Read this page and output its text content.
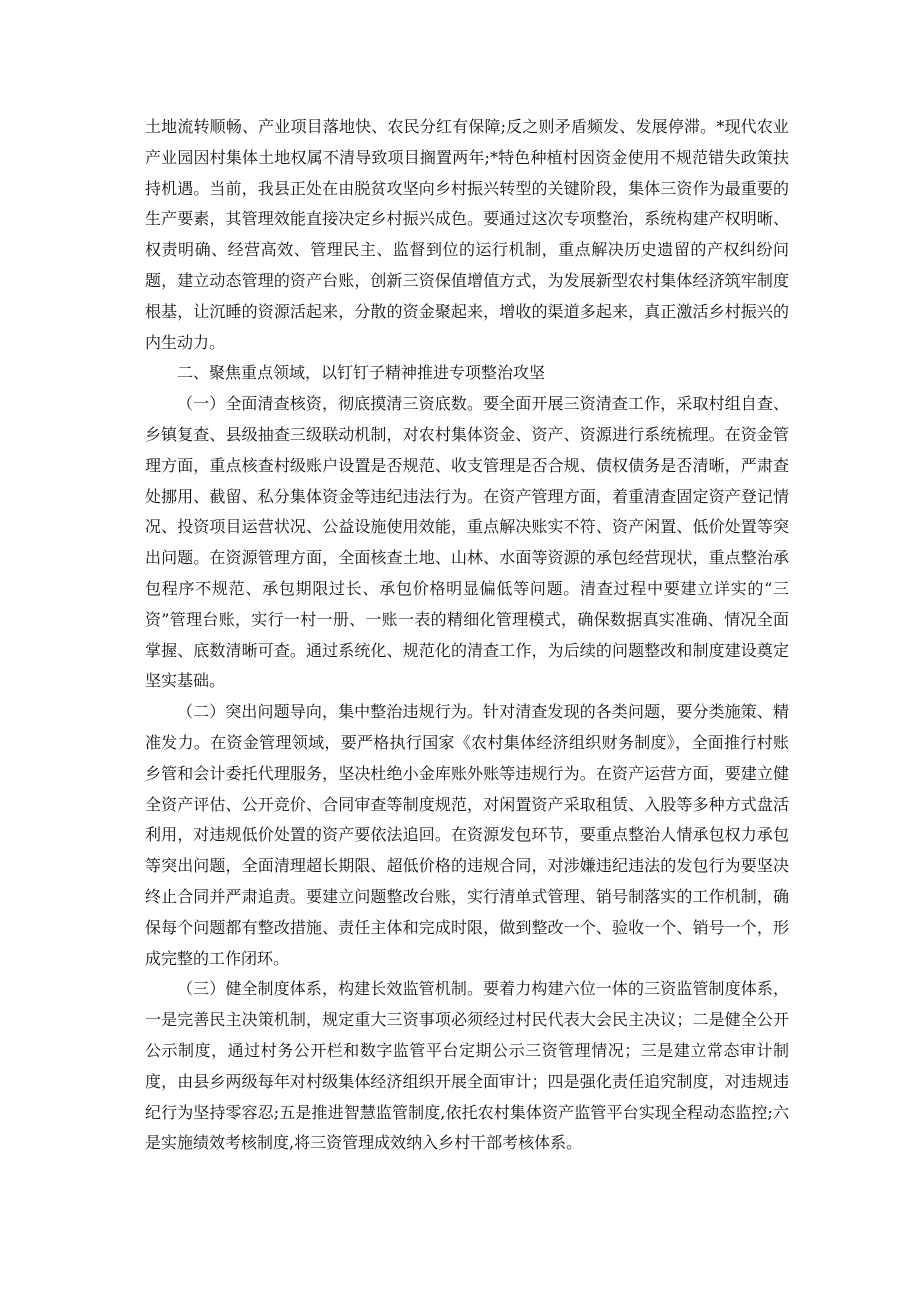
土地流转顺畅、产业项目落地快、农民分红有保障;反之则矛盾频发、发展停滞。*现代农业产业园因村集体土地权属不清导致项目搁置两年;*特色种植村因资金使用不规范错失政策扶持机遇。当前，我县正处在由脱贫攻坚向乡村振兴转型的关键阶段，集体三资作为最重要的生产要素，其管理效能直接决定乡村振兴成色。要通过这次专项整治，系统构建产权明晰、权责明确、经营高效、管理民主、监督到位的运行机制，重点解决历史遗留的产权纠纷问题，建立动态管理的资产台账，创新三资保值增值方式，为发展新型农村集体经济筑牢制度根基，让沉睡的资源活起来，分散的资金聚起来，增收的渠道多起来，真正激活乡村振兴的内生动力。

二、聚焦重点领域，以钉钉子精神推进专项整治攻坚

（一）全面清查核资，彻底摸清三资底数。要全面开展三资清查工作，采取村组自查、乡镇复查、县级抽查三级联动机制，对农村集体资金、资产、资源进行系统梳理。在资金管理方面，重点核查村级账户设置是否规范、收支管理是否合规、债权债务是否清晰，严肃查处挪用、截留、私分集体资金等违纪违法行为。在资产管理方面，着重清查固定资产登记情况、投资项目运营状况、公益设施使用效能，重点解决账实不符、资产闲置、低价处置等突出问题。在资源管理方面，全面核查土地、山林、水面等资源的承包经营现状，重点整治承包程序不规范、承包期限过长、承包价格明显偏低等问题。清查过程中要建立详实的“三资”管理台账，实行一村一册、一账一表的精细化管理模式，确保数据真实准确、情况全面掌握、底数清晰可查。通过系统化、规范化的清查工作，为后续的问题整改和制度建设奠定坚实基础。

（二）突出问题导向，集中整治违规行为。针对清查发现的各类问题，要分类施策、精准发力。在资金管理领域，要严格执行国家《农村集体经济组织财务制度》，全面推行村账乡管和会计委托代理服务，坚决杜绝小金库账外账等违规行为。在资产运营方面，要建立健全资产评估、公开竞价、合同审查等制度规范，对闲置资产采取租赁、入股等多种方式盘活利用，对违规低价处置的资产要依法追回。在资源发包环节，要重点整治人情承包权力承包等突出问题，全面清理超长期限、超低价格的违规合同，对涉嫌违纪违法的发包行为要坚决终止合同并严肃追责。要建立问题整改台账，实行清单式管理、销号制落实的工作机制，确保每个问题都有整改措施、责任主体和完成时限，做到整改一个、验收一个、销号一个，形成完整的工作闭环。

（三）健全制度体系，构建长效监管机制。要着力构建六位一体的三资监管制度体系，一是完善民主决策机制，规定重大三资事项必须经过村民代表大会民主决议；二是健全公开公示制度，通过村务公开栏和数字监管平台定期公示三资管理情况；三是建立常态审计制度，由县乡两级每年对村级集体经济组织开展全面审计；四是强化责任追究制度，对违规违纪行为坚持零容忍;五是推进智慧监管制度,依托农村集体资产监管平台实现全程动态监控;六是实施绩效考核制度,将三资管理成效纳入乡村干部考核体系。
